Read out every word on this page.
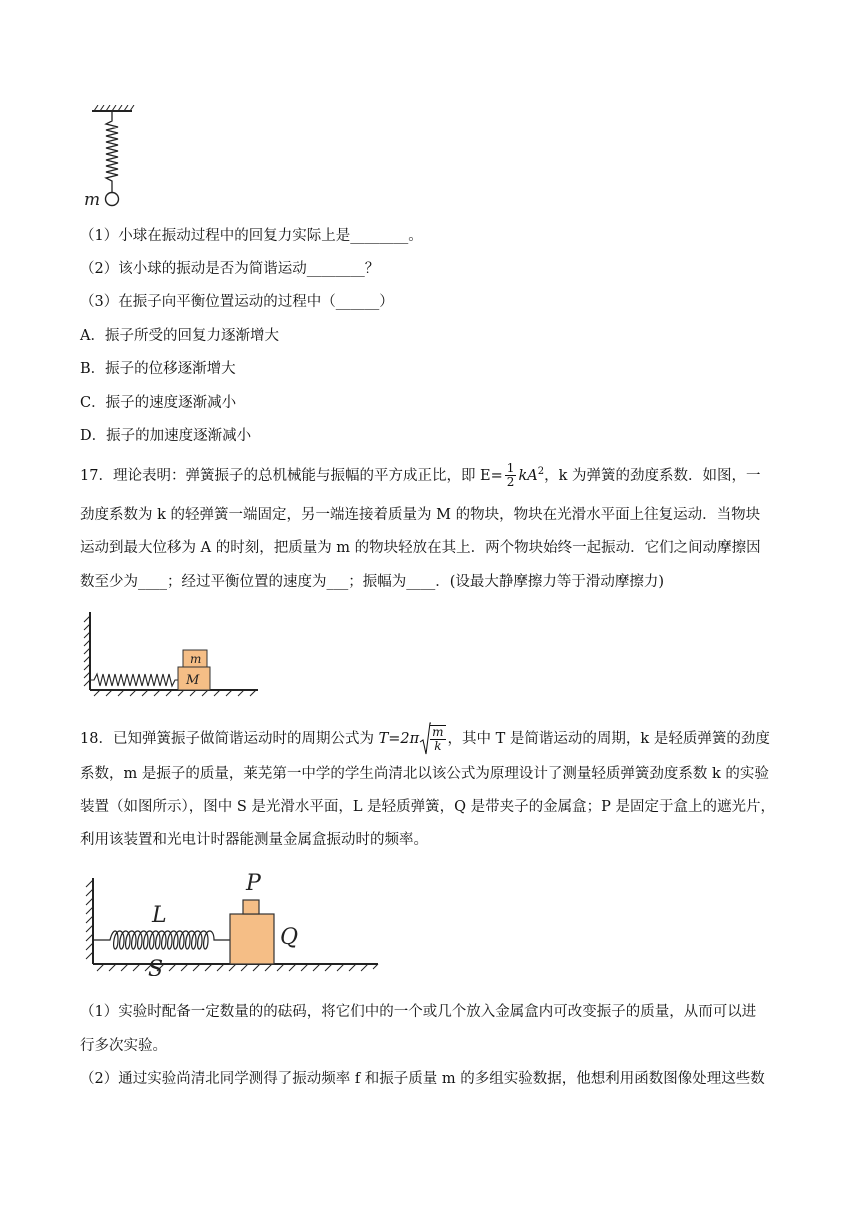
m
（1）小球在振动过程中的回复力实际上是________。
（2）该小球的振动是否为简谐运动________？
（3）在振子向平衡位置运动的过程中（______）
A．振子所受的回复力逐渐增大
B．振子的位移逐渐增大
C．振子的速度逐渐减小
D．振子的加速度逐渐减小
17．理论表明：弹簧振子的总机械能与振幅的平方成正比，即 $E= \frac{1}{2} kA^2$，k 为弹簧的劲度系数．如图，一
劲度系数为 k 的轻弹簧一端固定，另一端连接着质量为 M 的物块，物块在光滑水平面上往复运动．当物块
运动到最大位移为 A 的时刻，把质量为 m 的物块轻放在其上．两个物块始终一起振动．它们之间动摩擦因
数至少为____；经过平衡位置的速度为___；振幅为____．(设最大静摩擦力等于滑动摩擦力)
m
M
18．已知弹簧振子做简谐运动时的周期公式为 $T=2\pi \frac{m}{k}$ ，其中 T 是简谐运动的周期，k 是轻质弹簧的劲度
系数，m 是振子的质量，莱芜第一中学的学生尚清北以该公式为原理设计了测量轻质弹簧劲度系数 k 的实验
装置（如图所示），图中 S 是光滑水平面，L 是轻质弹簧，Q 是带夹子的金属盒；P 是固定于盒上的遮光片，
利用该装置和光电计时器能测量金属盒振动时的频率。
P
L
Q
S
（1）实验时配备一定数量的的砝码，将它们中的一个或几个放入金属盒内可改变振子的质量，从而可以进
行多次实验。
（2）通过实验尚清北同学测得了振动频率 f 和振子质量 m 的多组实验数据，他想利用函数图像处理这些数
